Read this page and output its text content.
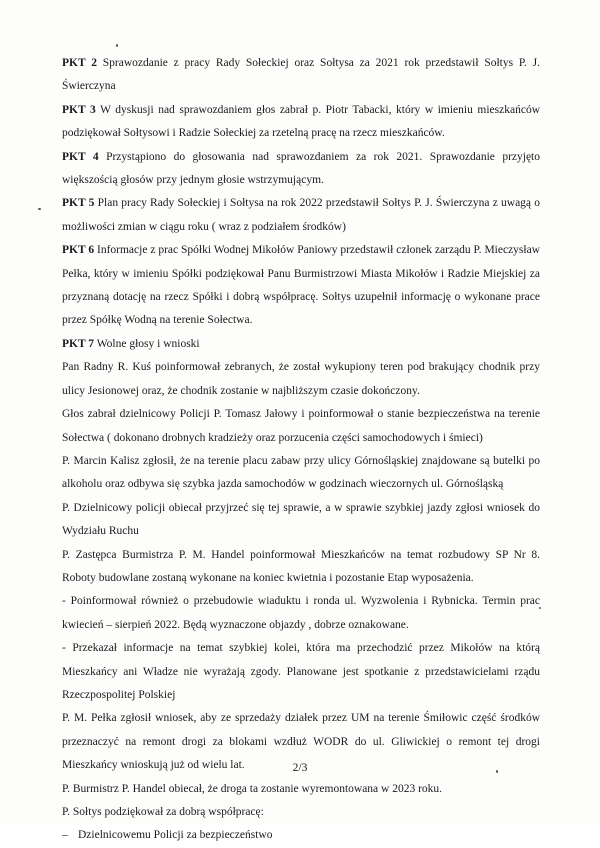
PKT 2 Sprawozdanie z pracy Rady Sołeckiej oraz Sołtysa za 2021 rok przedstawił Sołtys P. J. Świerczyna

PKT 3 W dyskusji nad sprawozdaniem głos zabrał p. Piotr Tabacki, który w imieniu mieszkańców podziękował Sołtysowi i Radzie Sołeckiej za rzetelną pracę na rzecz mieszkańców.

PKT 4 Przystąpiono do głosowania nad sprawozdaniem za rok 2021. Sprawozdanie przyjęto większością głosów przy jednym głosie wstrzymującym.

PKT 5 Plan pracy Rady Sołeckiej i Sołtysa na rok 2022 przedstawił Sołtys P. J. Świerczyna z uwagą o możliwości zmian w ciągu roku ( wraz z podziałem środków)

PKT 6 Informacje z prac Spółki Wodnej Mikołów Paniowy przedstawił członek zarządu P. Mieczysław Pełka, który w imieniu Spółki podziękował Panu Burmistrzowi Miasta Mikołów i Radzie Miejskiej za przyznaną dotację na rzecz Spółki i dobrą współpracę. Sołtys uzupełnił informację o wykonane prace przez Spółkę Wodną na terenie Sołectwa.

PKT 7 Wolne głosy i wnioski

Pan Radny R. Kuś poinformował zebranych, że został wykupiony teren pod brakujący chodnik przy ulicy Jesionowej oraz, że chodnik zostanie w najbliższym czasie dokończony.

Głos zabrał dzielnicowy Policji P. Tomasz Jałowy i poinformował o stanie bezpieczeństwa na terenie Sołectwa ( dokonano drobnych kradzieży oraz porzucenia części samochodowych i śmieci)

P. Marcin Kalisz zgłosił, że na terenie placu zabaw przy ulicy Górnośląskiej znajdowane są butelki po alkoholu oraz odbywa się szybka jazda samochodów w godzinach wieczornych ul. Górnośląską

P. Dzielnicowy policji obiecał przyjrzeć się tej sprawie, a w sprawie szybkiej jazdy zgłosi wniosek do Wydziału Ruchu

P. Zastępca Burmistrza P. M. Handel poinformował Mieszkańców na temat rozbudowy SP Nr 8. Roboty budowlane zostaną wykonane na koniec kwietnia i pozostanie Etap wyposażenia.

- Poinformował również o przebudowie wiaduktu i ronda ul. Wyzwolenia i Rybnicka. Termin prac kwiecień – sierpień 2022. Będą wyznaczone objazdy , dobrze oznakowane.

- Przekazał informacje na temat szybkiej kolei, która ma przechodzić przez Mikołów na którą Mieszkańcy ani Władze nie wyrażają zgody. Planowane jest spotkanie z przedstawicielami rządu Rzeczpospolitej Polskiej

P. M. Pełka zgłosił wniosek, aby ze sprzedaży działek przez UM na terenie Śmiłowic część środków przeznaczyć na remont drogi za blokami wzdłuż WODR do ul. Gliwickiej o remont tej drogi Mieszkańcy wnioskują już od wielu lat.

P. Burmistrz P. Handel obiecał, że droga ta zostanie wyremontowana w 2023 roku.

P. Sołtys podziękował za dobrą współpracę:

– Dzielnicowemu Policji za bezpieczeństwo

2/3
